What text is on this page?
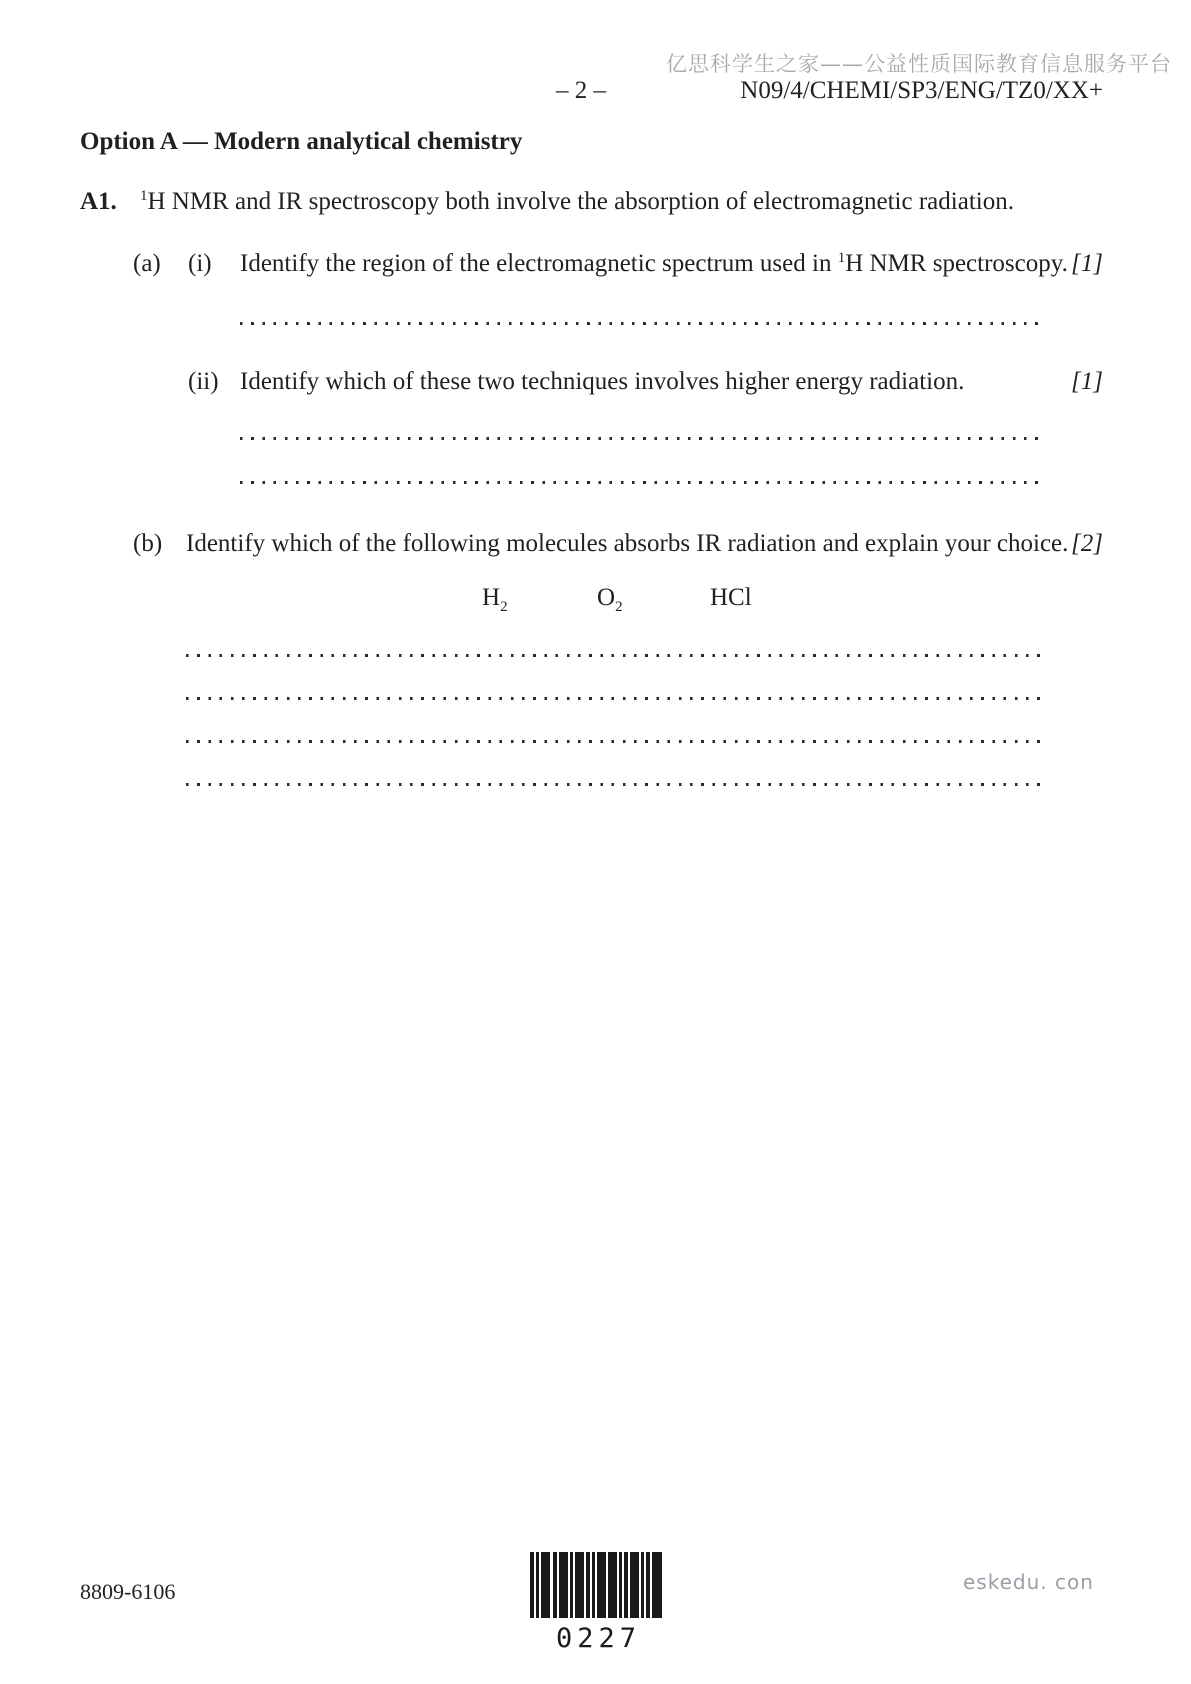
亿思科学生之家——公益性质国际教育信息服务平台
– 2 –	N09/4/CHEMI/SP3/ENG/TZ0/XX+
Option A — Modern analytical chemistry
A1. $^1$H NMR and IR spectroscopy both involve the absorption of electromagnetic radiation.
(a) (i) Identify the region of the electromagnetic spectrum used in $^1$H NMR spectroscopy. [1]
(ii) Identify which of these two techniques involves higher energy radiation.	[1]
(b) Identify which of the following molecules absorbs IR radiation and explain your choice. [2]
$H_2$	$O_2$	HCl
8809-6106
0227
eskedu. con
